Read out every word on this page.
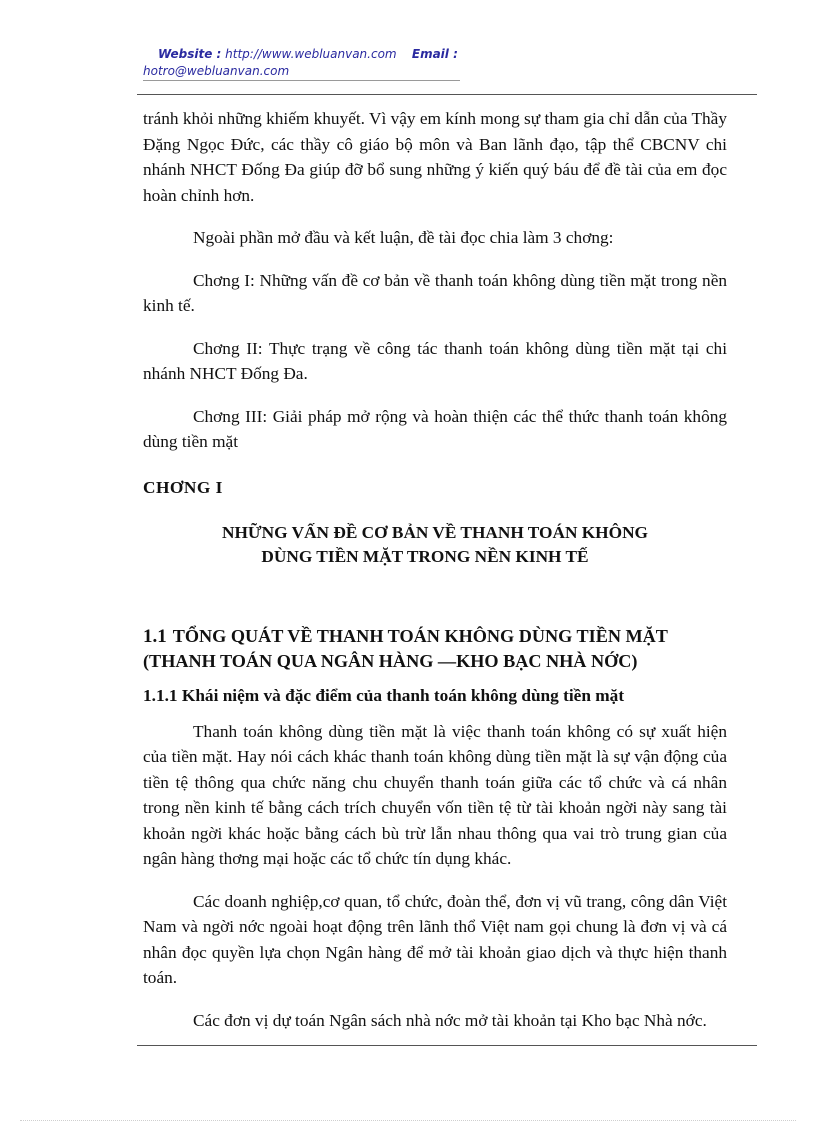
Website : http://www.webluanvan.com Email :
hotro@webluanvan.com

tránh khỏi những khiếm khuyết. Vì vậy em kính mong sự tham gia chỉ dẫn của Thầy Đặng Ngọc Đức, các thầy cô giáo bộ môn và Ban lãnh đạo, tập thể CBCNV chi nhánh NHCT Đống Đa giúp đỡ bổ sung những ý kiến quý báu để đề tài của em đọc hoàn chỉnh hơn.

Ngoài phần mở đầu và kết luận, đề tài đọc chia làm 3 chơng:

Chơng I: Những vấn đề cơ bản về thanh toán không dùng tiền mặt trong nền kinh tế.

Chơng II: Thực trạng về công tác thanh toán không dùng tiền mặt tại chi nhánh NHCT Đống Đa.

Chơng III: Giải pháp mở rộng và hoàn thiện các thể thức thanh toán không dùng tiền mặt

CHƠNG I

NHỮNG VẤN ĐỀ CƠ BẢN VỀ THANH TOÁN KHÔNG
DÙNG TIỀN MẶT TRONG NỀN KINH TẾ
1.1 TỔNG QUÁT VỀ THANH TOÁN KHÔNG DÙNG TIỀN MẶT
(THANH TOÁN QUA NGÂN HÀNG —KHO BẠC NHÀ NỚC)

1.1.1 Khái niệm và đặc điểm của thanh toán không dùng tiền mặt

Thanh toán không dùng tiền mặt là việc thanh toán không có sự xuất hiện của tiền mặt. Hay nói cách khác thanh toán không dùng tiền mặt là sự vận động của tiền tệ thông qua chức năng chu chuyển thanh toán giữa các tổ chức và cá nhân trong nền kinh tế bằng cách trích chuyển vốn tiền tệ từ tài khoản ngời này sang tài khoản ngời khác hoặc bằng cách bù trừ lẫn nhau thông qua vai trò trung gian của ngân hàng thơng mại hoặc các tổ chức tín dụng khác.

Các doanh nghiệp,cơ quan, tổ chức, đoàn thể, đơn vị vũ trang, công dân Việt Nam và ngời nớc ngoài hoạt động trên lãnh thổ Việt nam gọi chung là đơn vị và cá nhân đọc quyền lựa chọn Ngân hàng để mở tài khoản giao dịch và thực hiện thanh toán.

Các đơn vị dự toán Ngân sách nhà nớc mở tài khoản tại Kho bạc Nhà nớc.
